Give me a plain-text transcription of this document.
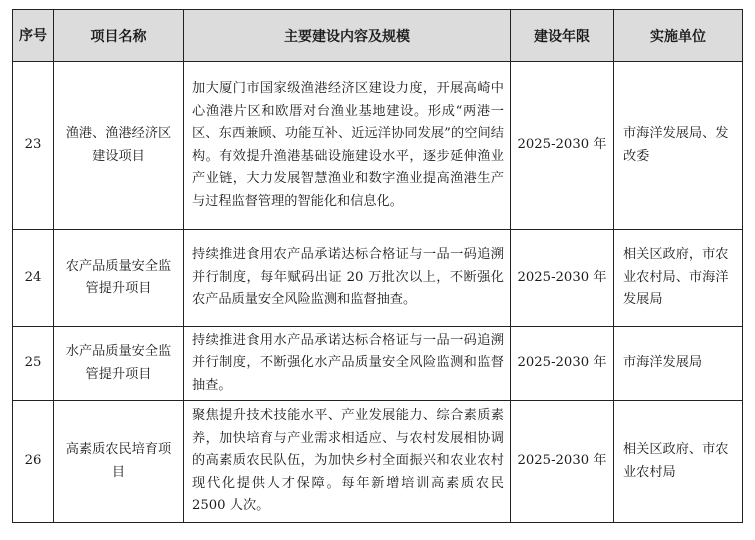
序号	项目名称	主要建设内容及规模	建设年限	实施单位
23	渔港、渔港经济区建设项目	加大厦门市国家级渔港经济区建设力度，开展高崎中心渔港片区和欧厝对台渔业基地建设。形成“两港一区、东西兼顾、功能互补、近远洋协同发展”的空间结构。有效提升渔港基础设施建设水平，逐步延伸渔业产业链，大力发展智慧渔业和数字渔业提高渔港生产与过程监督管理的智能化和信息化。	2025-2030 年	市海洋发展局、发改委
24	农产品质量安全监管提升项目	持续推进食用农产品承诺达标合格证与一品一码追溯并行制度，每年赋码出证 20 万批次以上，不断强化农产品质量安全风险监测和监督抽查。	2025-2030 年	相关区政府，市农业农村局、市海洋发展局
25	水产品质量安全监管提升项目	持续推进食用水产品承诺达标合格证与一品一码追溯并行制度，不断强化水产品质量安全风险监测和监督抽查。	2025-2030 年	市海洋发展局
26	高素质农民培育项目	聚焦提升技术技能水平、产业发展能力、综合素质素养，加快培育与产业需求相适应、与农村发展相协调的高素质农民队伍，为加快乡村全面振兴和农业农村现代化提供人才保障。每年新增培训高素质农民 2500 人次。	2025-2030 年	相关区政府、市农业农村局
